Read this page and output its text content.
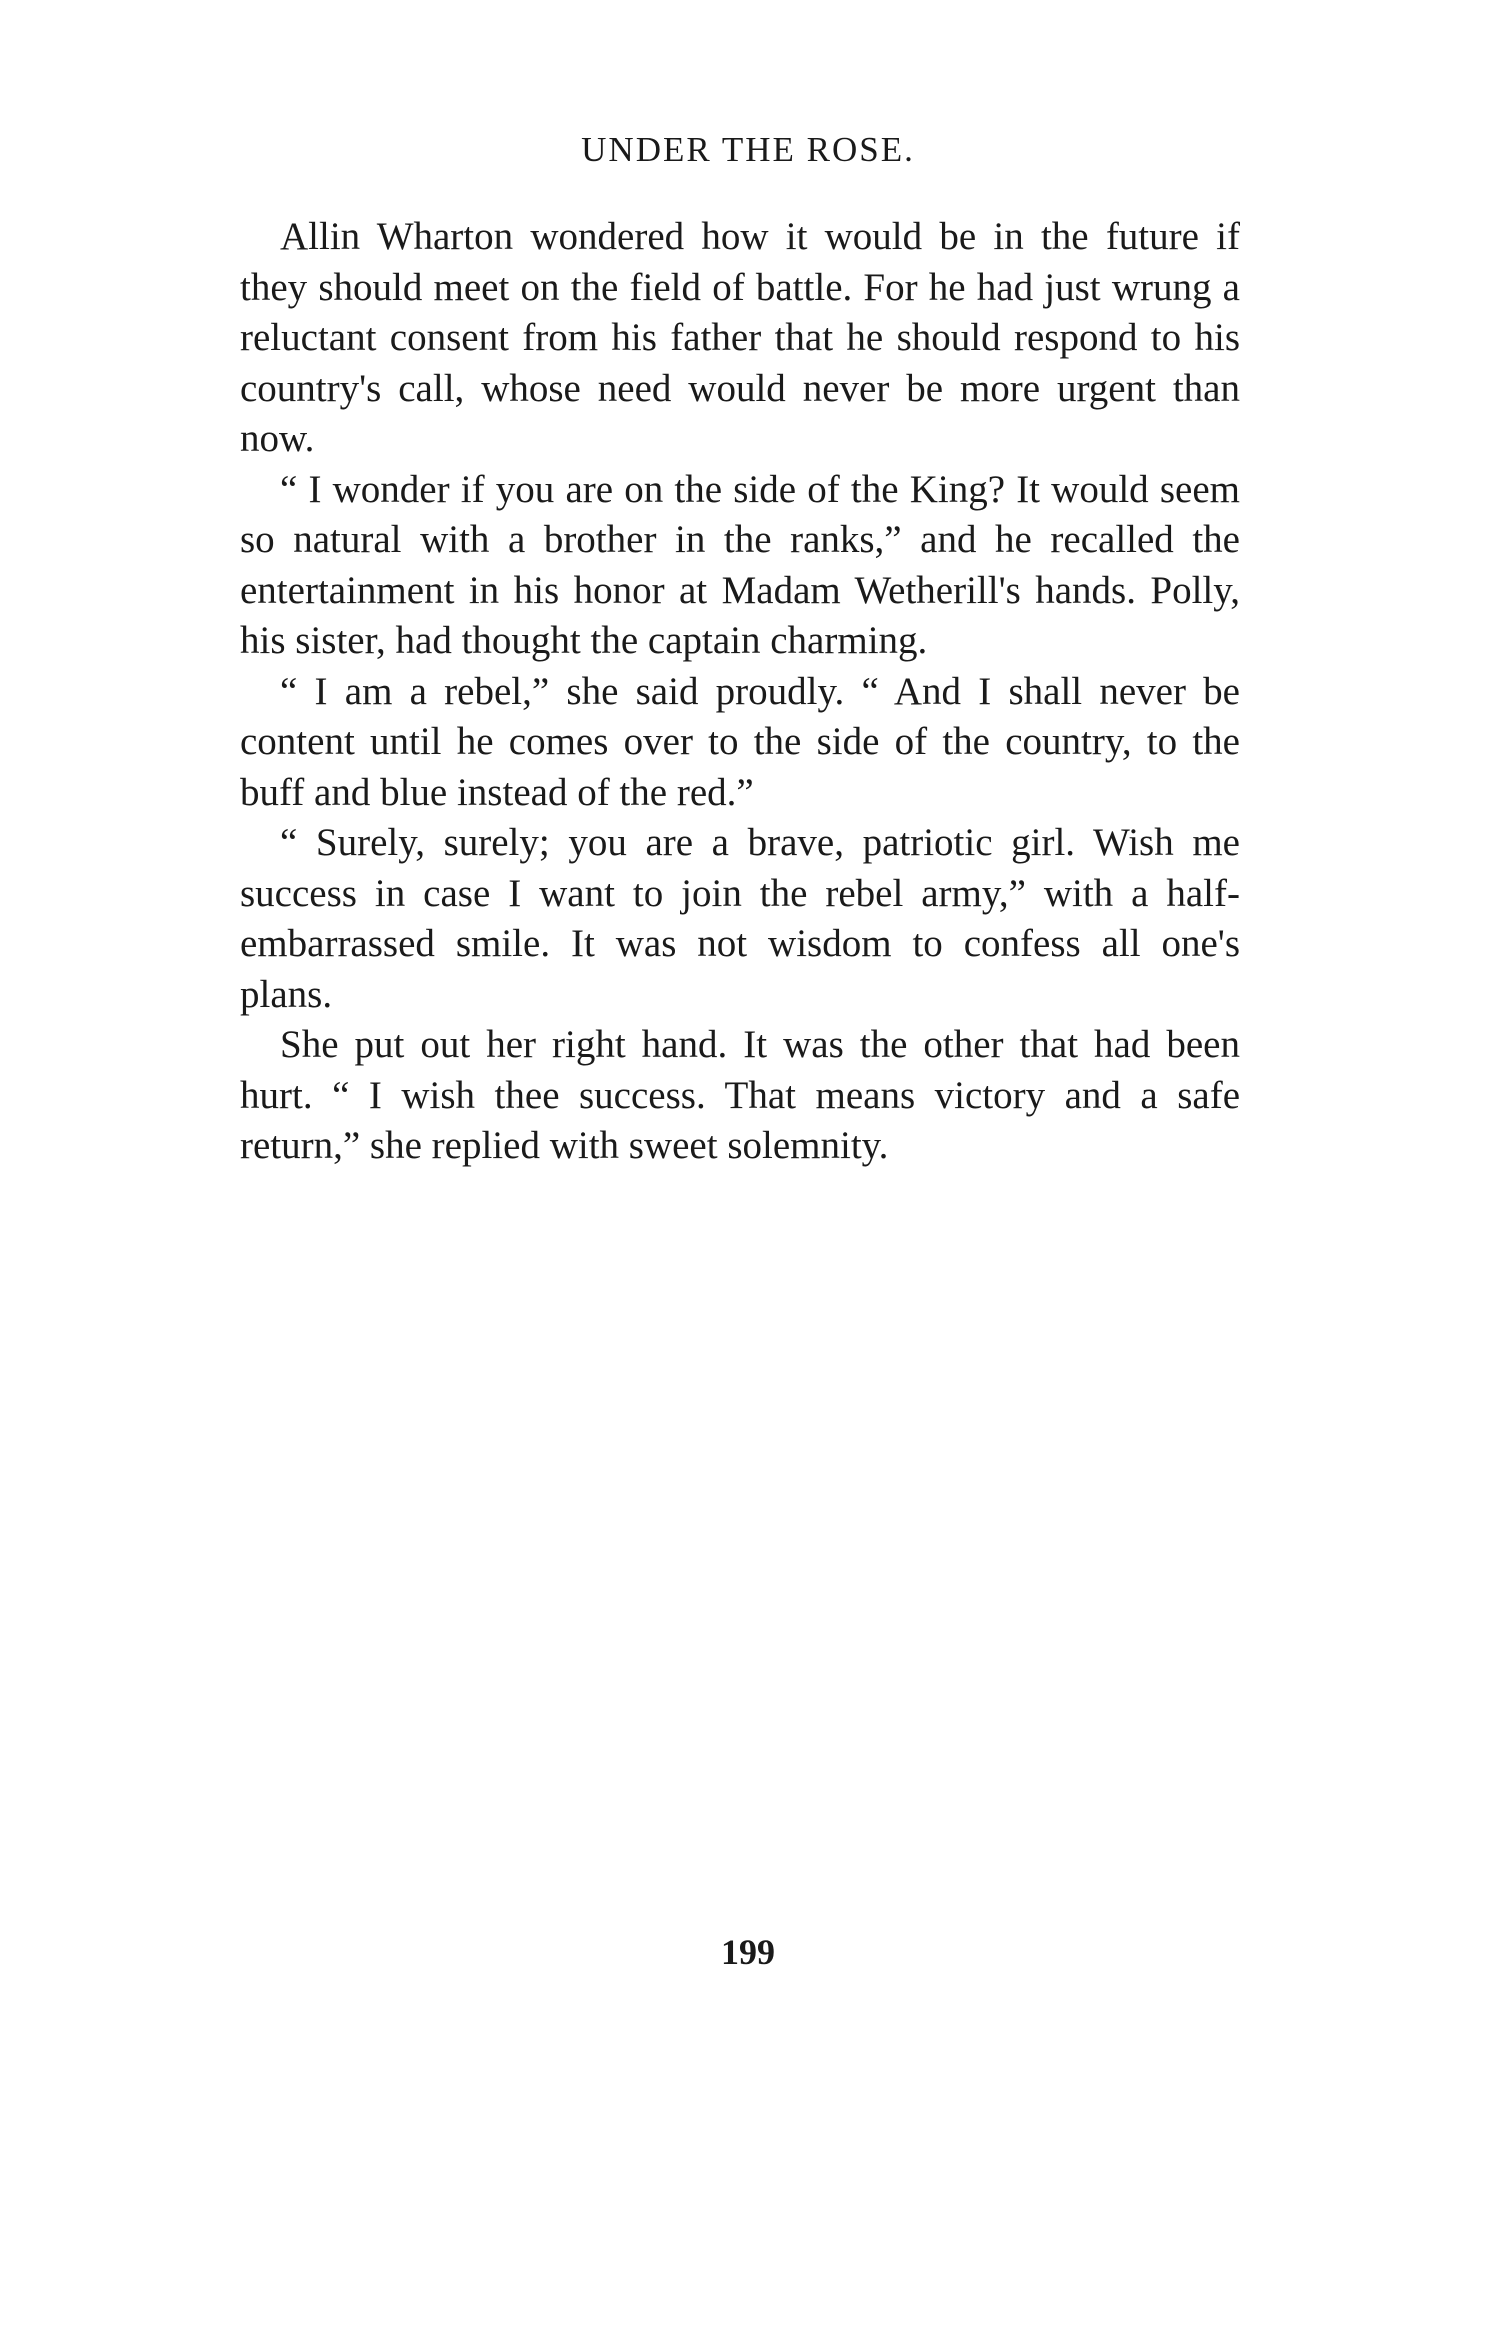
UNDER THE ROSE.

Allin Wharton wondered how it would be in the future if they should meet on the field of battle. For he had just wrung a reluctant consent from his father that he should respond to his country's call, whose need would never be more urgent than now.

“ I wonder if you are on the side of the King? It would seem so natural with a brother in the ranks,” and he recalled the entertainment in his honor at Madam Wetherill's hands. Polly, his sister, had thought the captain charming.

“ I am a rebel,” she said proudly. “ And I shall never be content until he comes over to the side of the country, to the buff and blue instead of the red.”

“ Surely, surely; you are a brave, patriotic girl. Wish me success in case I want to join the rebel army,” with a half-embarrassed smile. It was not wisdom to confess all one's plans.

She put out her right hand. It was the other that had been hurt. “ I wish thee success. That means victory and a safe return,” she replied with sweet solemnity.

199
